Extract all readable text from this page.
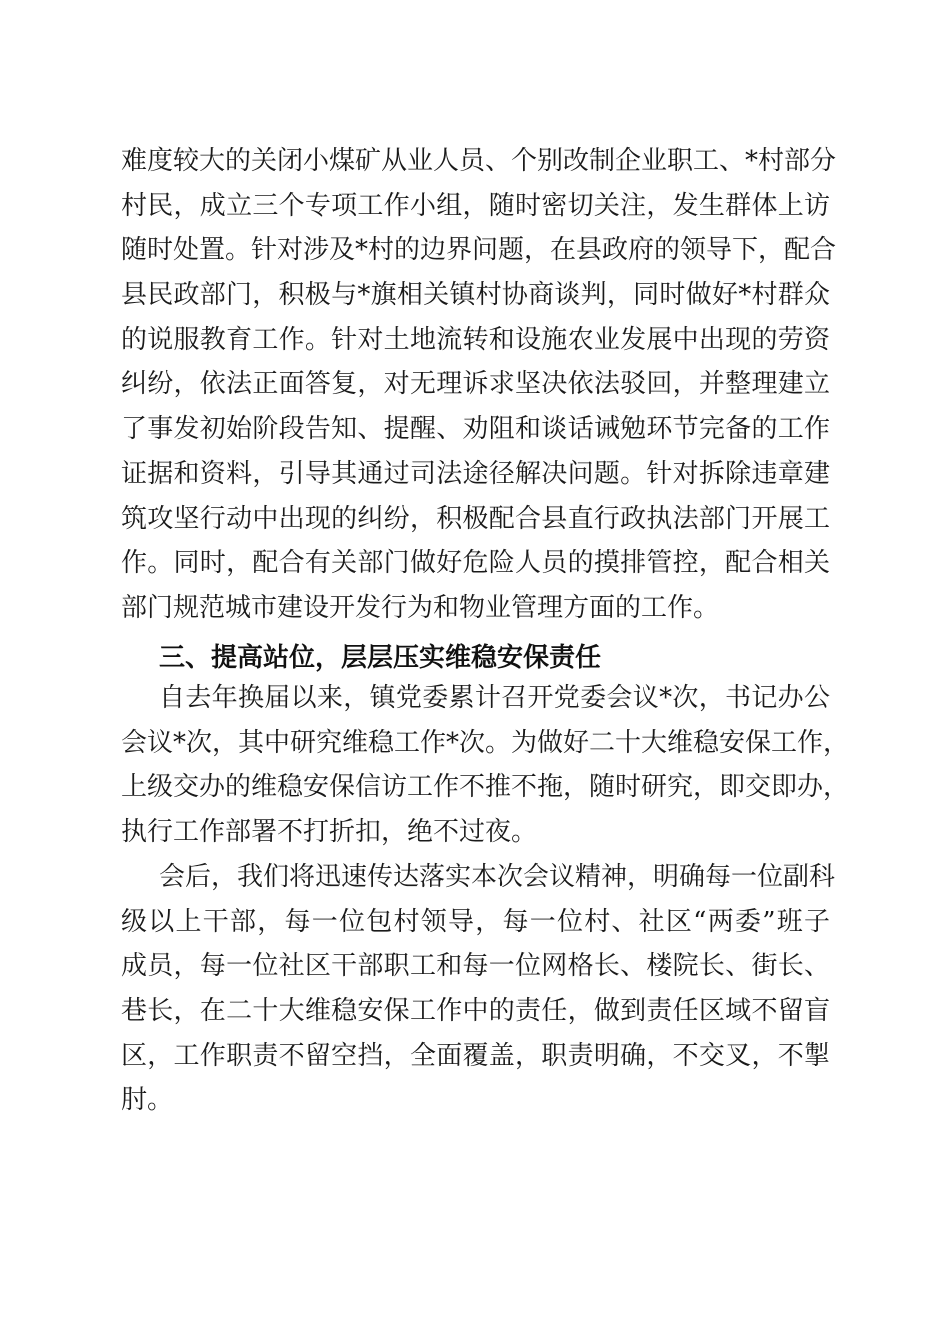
难度较大的关闭小煤矿从业人员、个别改制企业职工、*村部分
村民，成立三个专项工作小组，随时密切关注，发生群体上访
随时处置。针对涉及*村的边界问题，在县政府的领导下，配合
县民政部门，积极与*旗相关镇村协商谈判，同时做好*村群众
的说服教育工作。针对土地流转和设施农业发展中出现的劳资
纠纷，依法正面答复，对无理诉求坚决依法驳回，并整理建立
了事发初始阶段告知、提醒、劝阻和谈话诫勉环节完备的工作
证据和资料，引导其通过司法途径解决问题。针对拆除违章建
筑攻坚行动中出现的纠纷，积极配合县直行政执法部门开展工
作。同时，配合有关部门做好危险人员的摸排管控，配合相关
部门规范城市建设开发行为和物业管理方面的工作。
三、提高站位，层层压实维稳安保责任
自去年换届以来，镇党委累计召开党委会议*次，书记办公
会议*次，其中研究维稳工作*次。为做好二十大维稳安保工作，
上级交办的维稳安保信访工作不推不拖，随时研究，即交即办，
执行工作部署不打折扣，绝不过夜。
会后，我们将迅速传达落实本次会议精神，明确每一位副科
级以上干部，每一位包村领导，每一位村、社区“两委”班子
成员，每一位社区干部职工和每一位网格长、楼院长、街长、
巷长，在二十大维稳安保工作中的责任，做到责任区域不留盲
区，工作职责不留空挡，全面覆盖，职责明确，不交叉，不掣
肘。
